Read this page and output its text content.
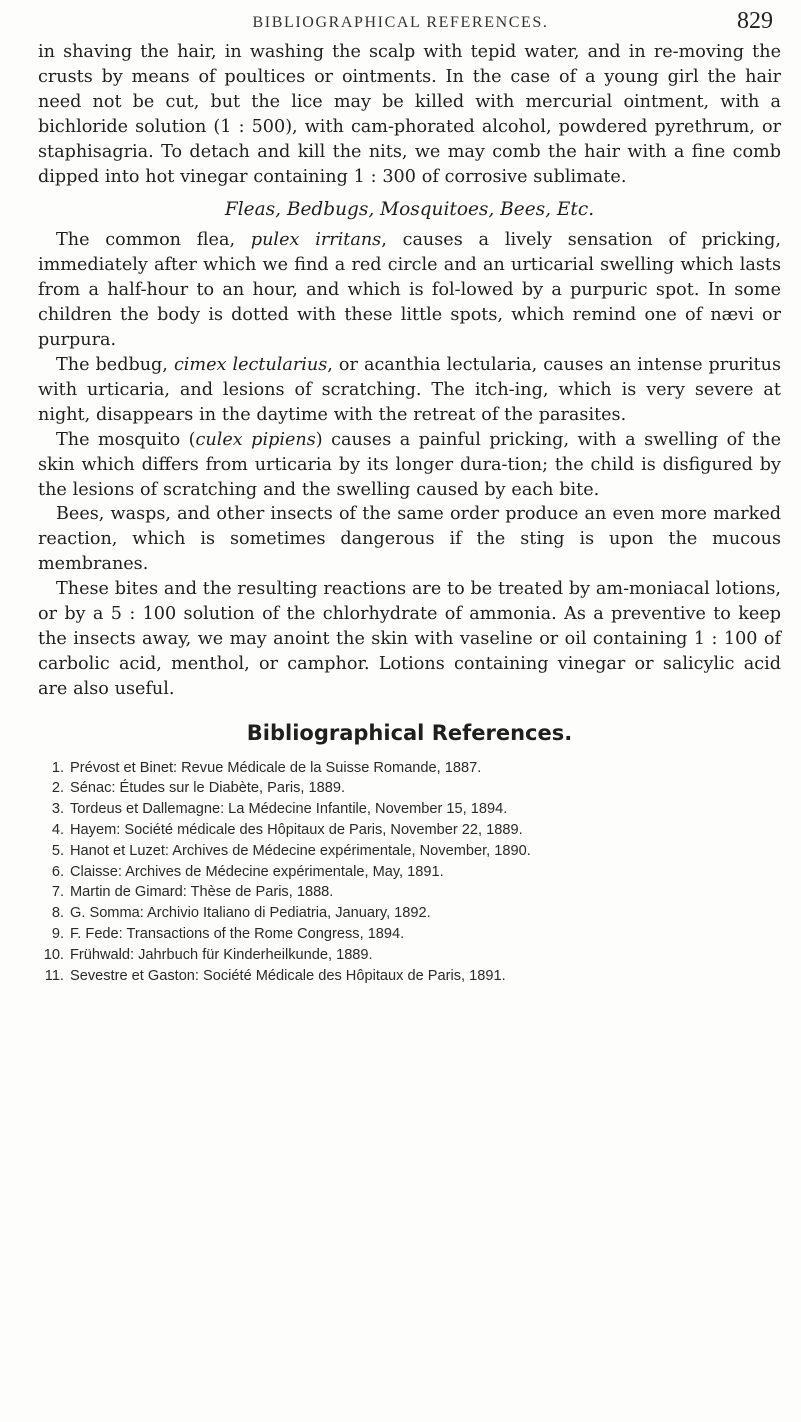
BIBLIOGRAPHICAL REFERENCES.	829

in shaving the hair, in washing the scalp with tepid water, and in re-moving the crusts by means of poultices or ointments. In the case of a young girl the hair need not be cut, but the lice may be killed with mercurial ointment, with a bichloride solution (1 : 500), with cam-phorated alcohol, powdered pyrethrum, or staphisagria. To detach and kill the nits, we may comb the hair with a fine comb dipped into hot vinegar containing 1 : 300 of corrosive sublimate.

Fleas, Bedbugs, Mosquitoes, Bees, Etc.

The common flea, pulex irritans, causes a lively sensation of pricking, immediately after which we find a red circle and an urticarial swelling which lasts from a half-hour to an hour, and which is fol-lowed by a purpuric spot. In some children the body is dotted with these little spots, which remind one of nævi or purpura.

The bedbug, cimex lectularius, or acanthia lectularia, causes an intense pruritus with urticaria, and lesions of scratching. The itch-ing, which is very severe at night, disappears in the daytime with the retreat of the parasites.

The mosquito (culex pipiens) causes a painful pricking, with a swelling of the skin which differs from urticaria by its longer dura-tion; the child is disfigured by the lesions of scratching and the swelling caused by each bite.

Bees, wasps, and other insects of the same order produce an even more marked reaction, which is sometimes dangerous if the sting is upon the mucous membranes.

These bites and the resulting reactions are to be treated by am-moniacal lotions, or by a 5 : 100 solution of the chlorhydrate of ammonia. As a preventive to keep the insects away, we may anoint the skin with vaseline or oil containing 1 : 100 of carbolic acid, menthol, or camphor. Lotions containing vinegar or salicylic acid are also useful.

Bibliographical References.
1. Prévost et Binet: Revue Médicale de la Suisse Romande, 1887.
2. Sénac: Études sur le Diabète, Paris, 1889.
3. Tordeus et Dallemagne: La Médecine Infantile, November 15, 1894.
4. Hayem: Société médicale des Hôpitaux de Paris, November 22, 1889.
5. Hanot et Luzet: Archives de Médecine expérimentale, November, 1890.
6. Claisse: Archives de Médecine expérimentale, May, 1891.
7. Martin de Gimard: Thèse de Paris, 1888.
8. G. Somma: Archivio Italiano di Pediatria, January, 1892.
9. F. Fede: Transactions of the Rome Congress, 1894.
10. Frühwald: Jahrbuch für Kinderheilkunde, 1889.
11. Sevestre et Gaston: Société Médicale des Hôpitaux de Paris, 1891.
